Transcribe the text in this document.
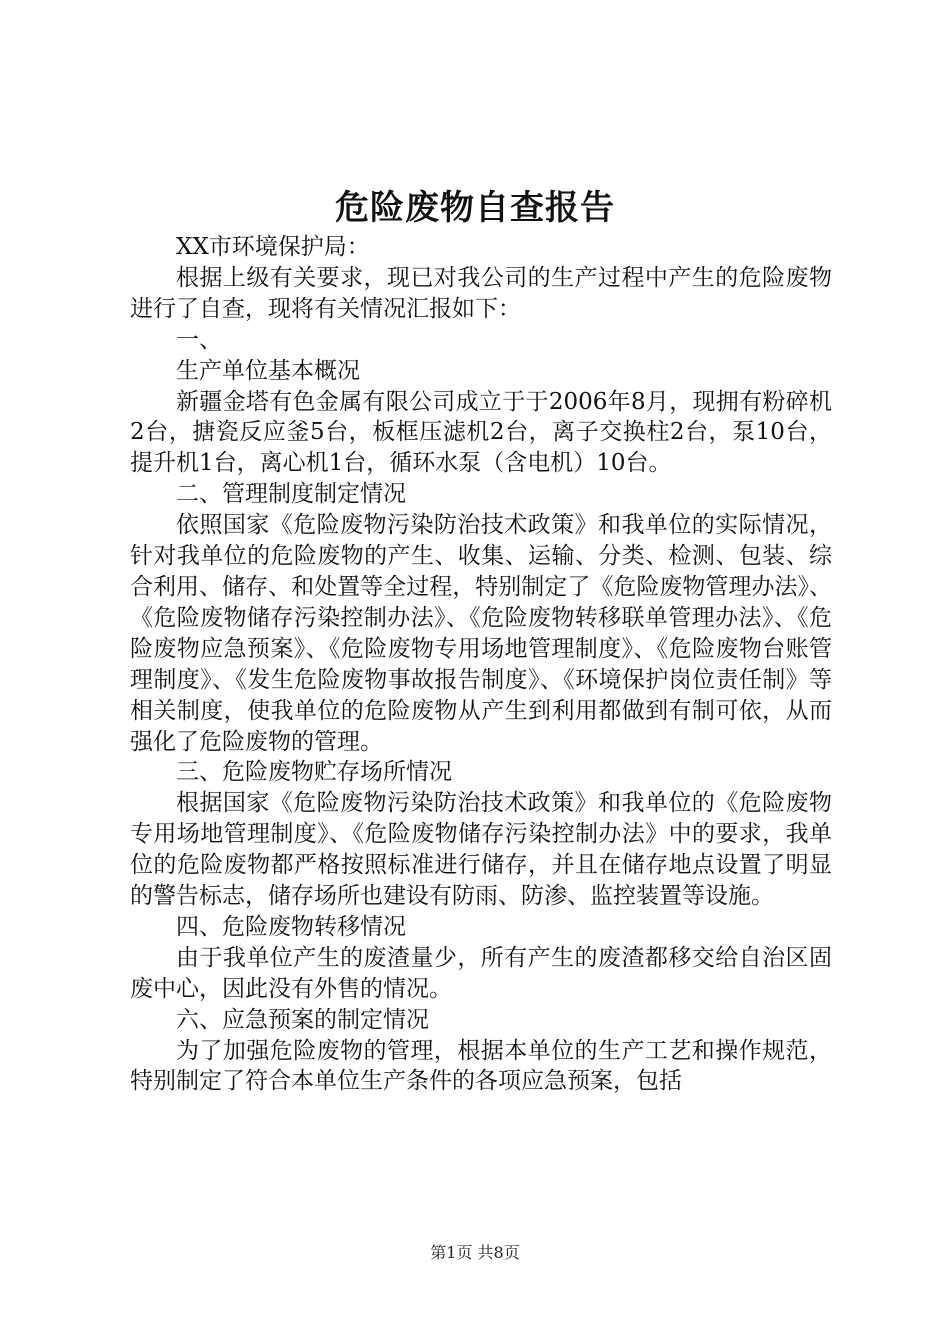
危险废物自查报告

XX市环境保护局：

根据上级有关要求，现已对我公司的生产过程中产生的危险废物进行了自查，现将有关情况汇报如下：

一、

生产单位基本概况

新疆金塔有色金属有限公司成立于于2006年8月，现拥有粉碎机2台，搪瓷反应釜5台，板框压滤机2台，离子交换柱2台，泵10台，提升机1台，离心机1台，循环水泵（含电机）10台。

二、管理制度制定情况

依照国家《危险废物污染防治技术政策》和我单位的实际情况，针对我单位的危险废物的产生、收集、运输、分类、检测、包装、综合利用、储存、和处置等全过程，特别制定了《危险废物管理办法》、《危险废物储存污染控制办法》、《危险废物转移联单管理办法》、《危险废物应急预案》、《危险废物专用场地管理制度》、《危险废物台账管理制度》、《发生危险废物事故报告制度》、《环境保护岗位责任制》等相关制度，使我单位的危险废物从产生到利用都做到有制可依，从而强化了危险废物的管理。

三、危险废物贮存场所情况

根据国家《危险废物污染防治技术政策》和我单位的《危险废物专用场地管理制度》、《危险废物储存污染控制办法》中的要求，我单位的危险废物都严格按照标准进行储存，并且在储存地点设置了明显的警告标志，储存场所也建设有防雨、防渗、监控装置等设施。

四、危险废物转移情况

由于我单位产生的废渣量少，所有产生的废渣都移交给自治区固废中心，因此没有外售的情况。

六、应急预案的制定情况

为了加强危险废物的管理，根据本单位的生产工艺和操作规范，特别制定了符合本单位生产条件的各项应急预案，包括

第1页 共8页
